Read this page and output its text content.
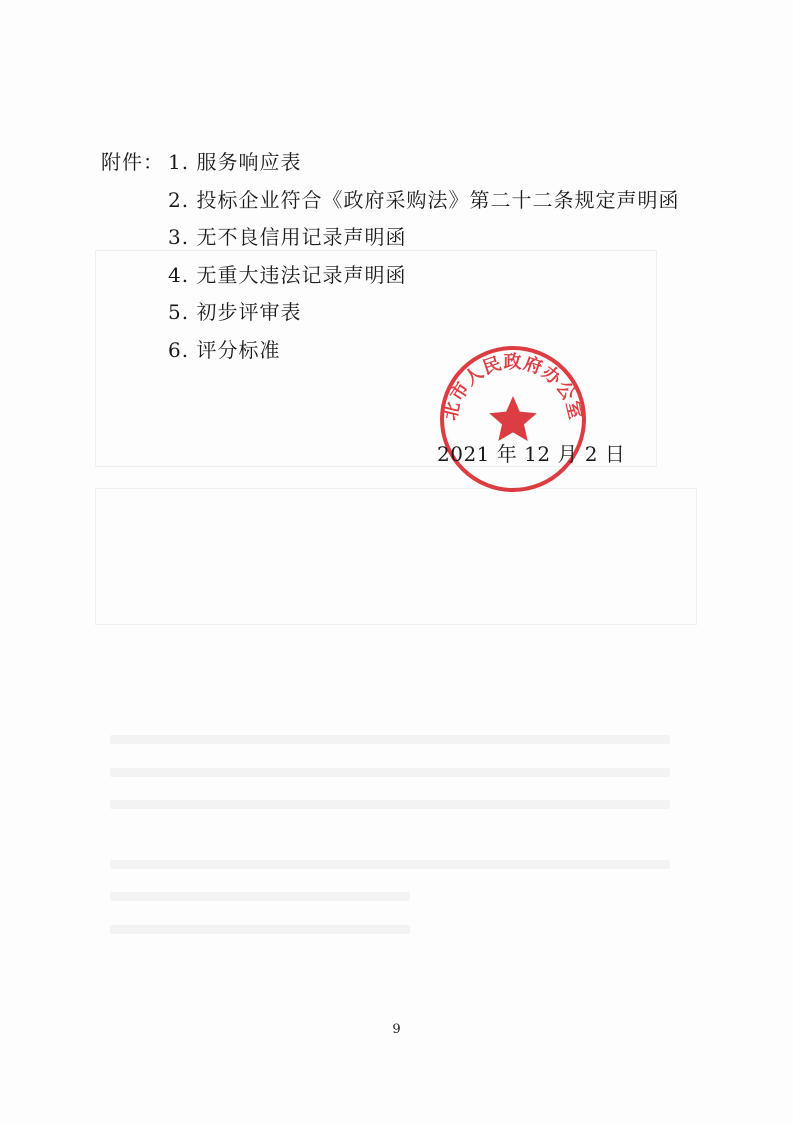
附件： 1. 服务响应表
2. 投标企业符合《政府采购法》第二十二条规定声明函
3. 无不良信用记录声明函
4. 无重大违法记录声明函
5. 初步评审表
6. 评分标准
北市人民政府办公室
2021 年 12 月 2 日
9
